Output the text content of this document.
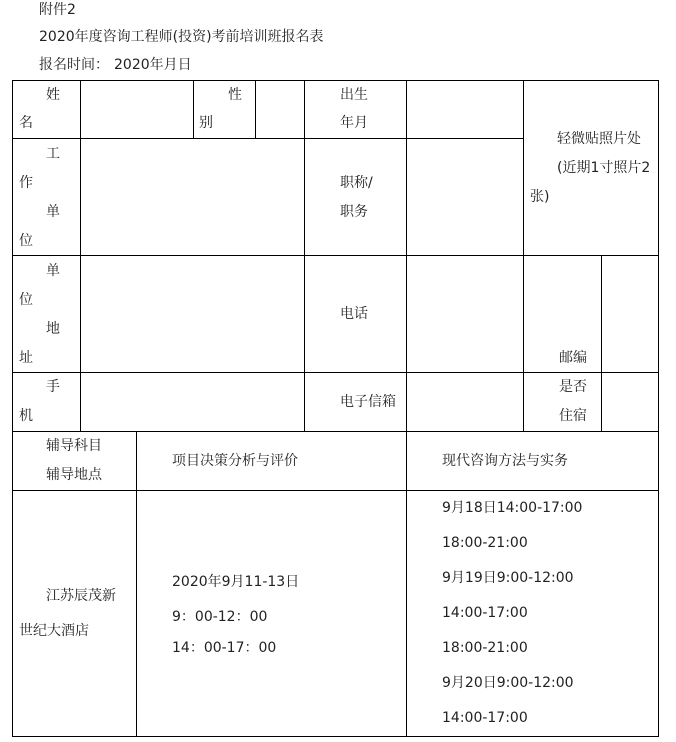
附件2
2020年度咨询工程师(投资)考前培训班报名表
报名时间： 2020年月日
姓
名
性
别
出生
年月
轻微贴照片处
(近期1寸照片2
张)
工
作
单
位
职称/
职务
单
位
地
址
电话
邮编
手
机
电子信箱
是否
住宿
辅导科目
辅导地点
项目决策分析与评价	现代咨询方法与实务
江苏辰茂新
世纪大酒店
2020年9月11-13日
9：00-12：00
14：00-17：00
9月18日14:00-17:00
18:00-21:00
9月19日9:00-12:00
14:00-17:00
18:00-21:00
9月20日9:00-12:00
14:00-17:00
